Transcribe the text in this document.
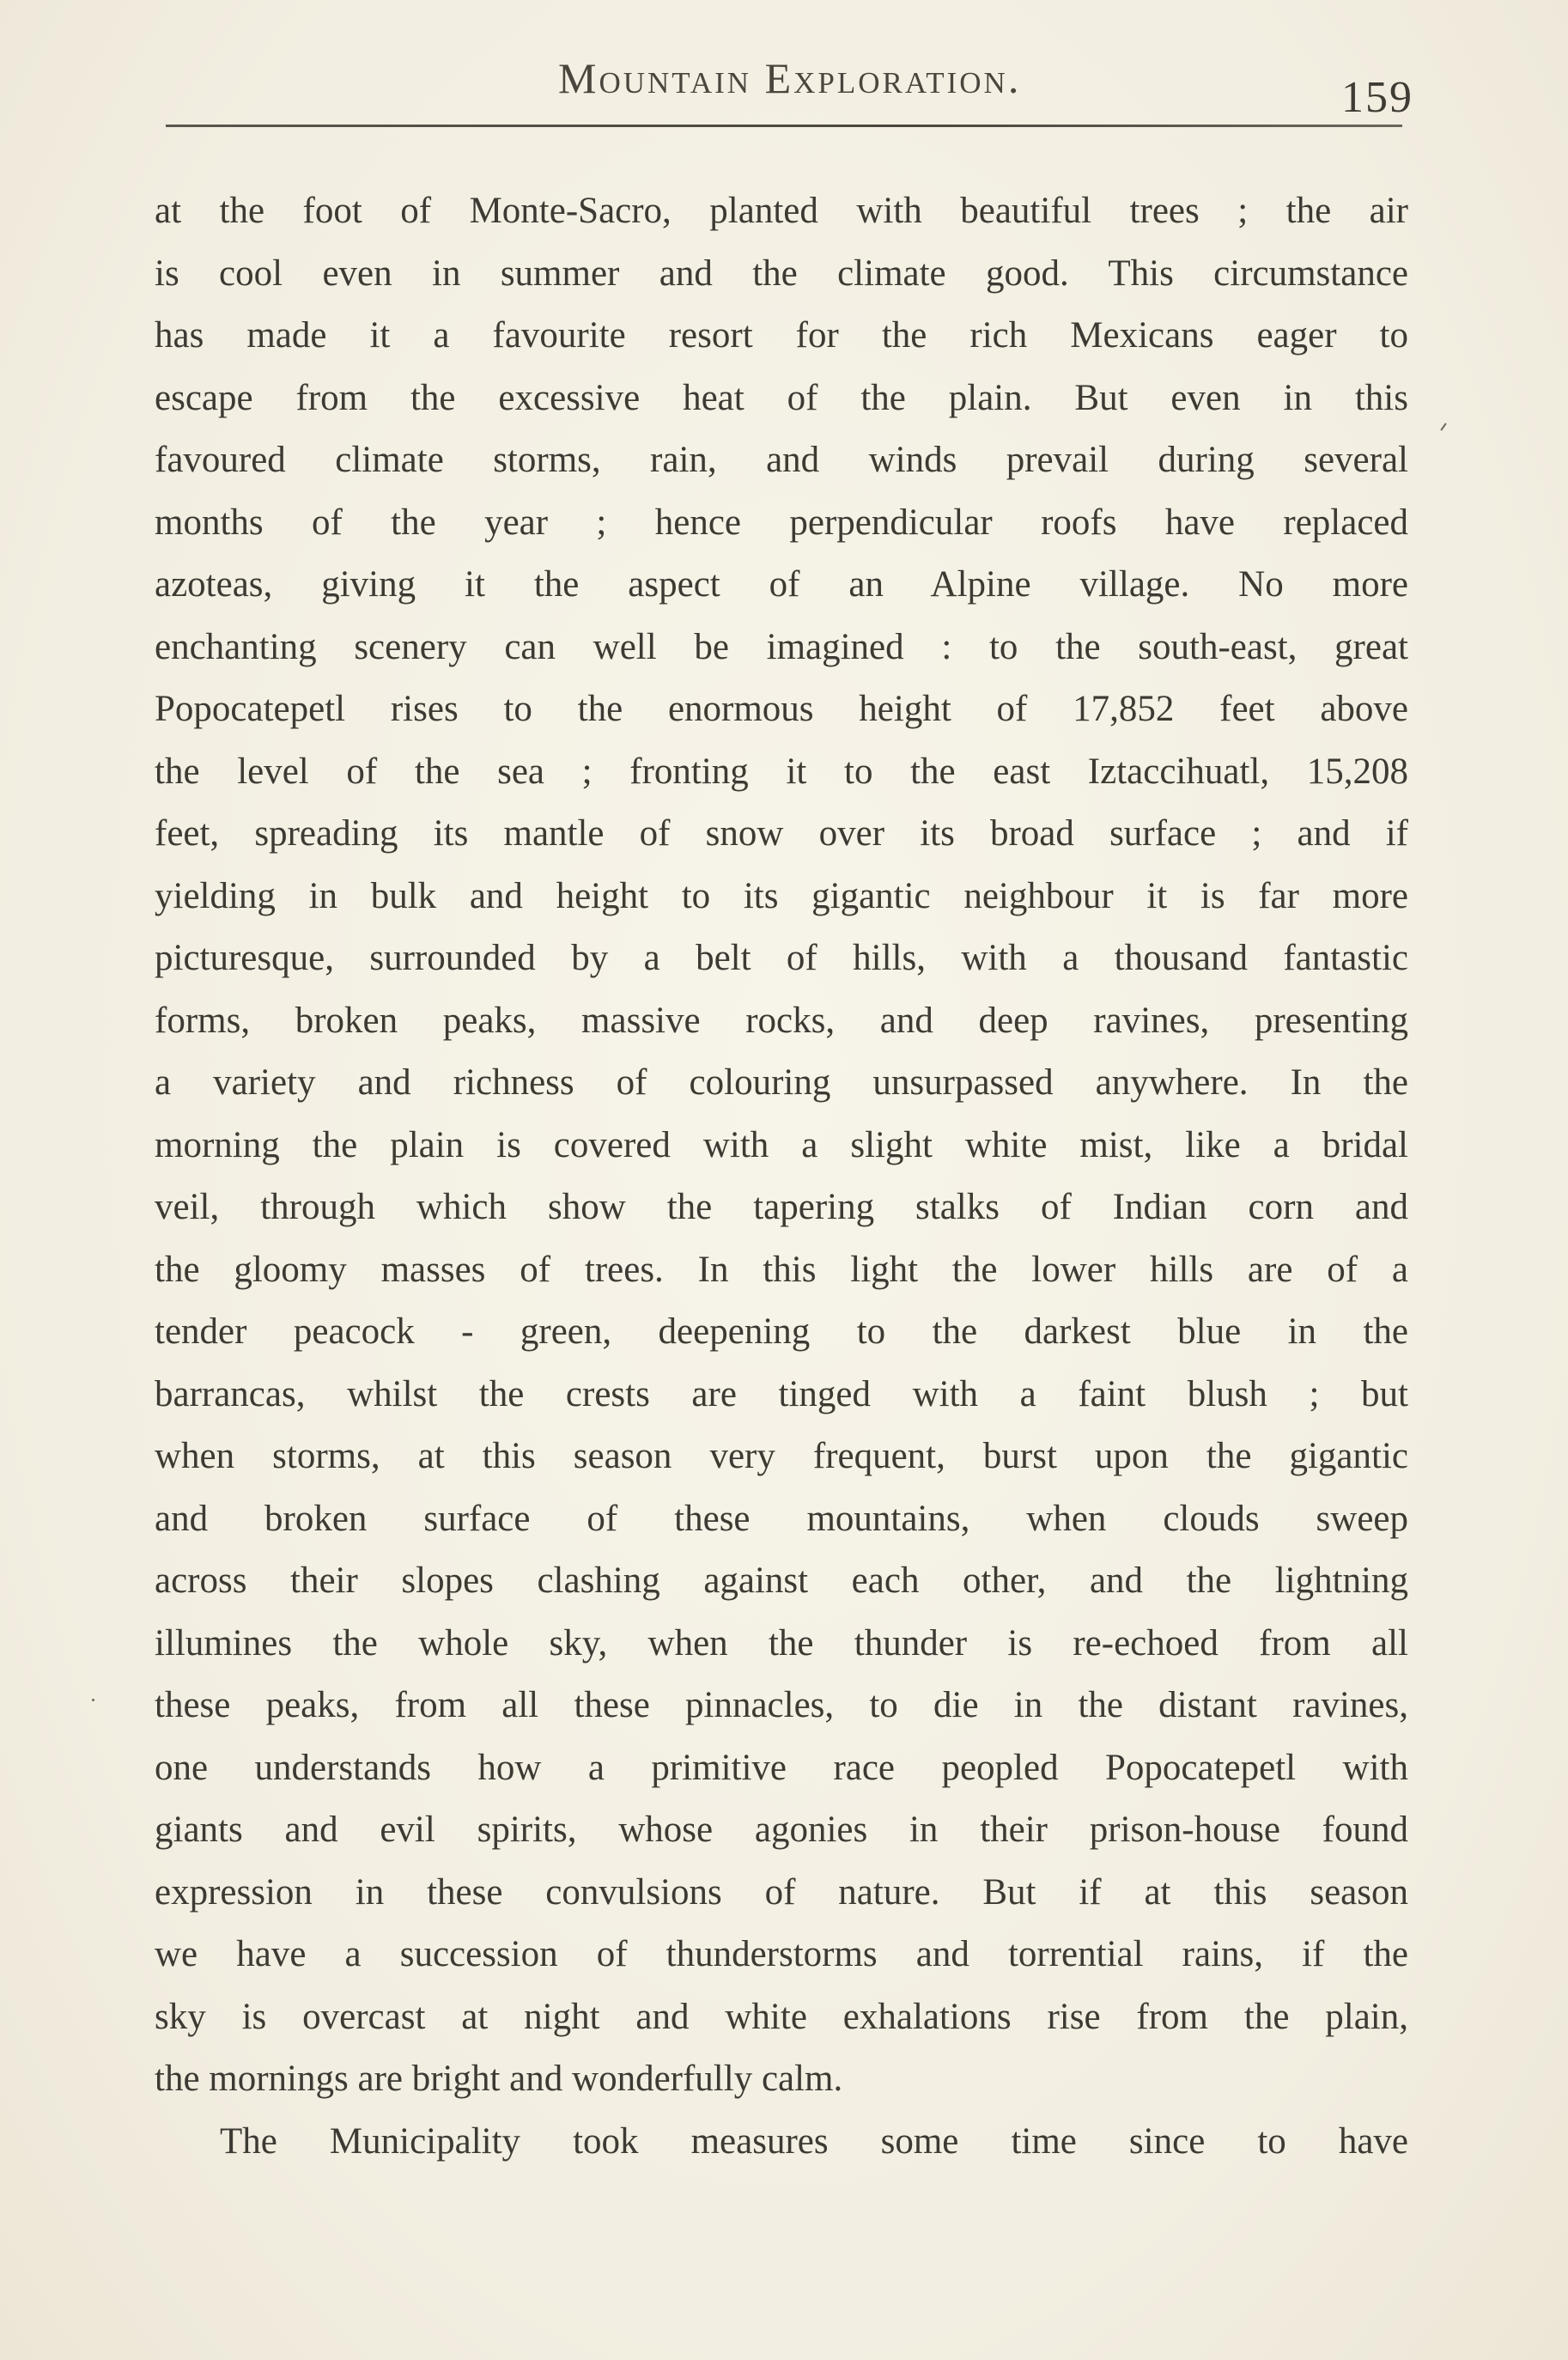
Mountain Exploration.	159
at the foot of Monte-Sacro, planted with beautiful trees ; the air
is cool even in summer and the climate good. This circumstance
has made it a favourite resort for the rich Mexicans eager to
escape from the excessive heat of the plain. But even in this
favoured climate storms, rain, and winds prevail during several
months of the year ; hence perpendicular roofs have replaced
azoteas, giving it the aspect of an Alpine village. No more
enchanting scenery can well be imagined : to the south-east, great
Popocatepetl rises to the enormous height of 17,852 feet above
the level of the sea ; fronting it to the east Iztaccihuatl, 15,208
feet, spreading its mantle of snow over its broad surface ; and if
yielding in bulk and height to its gigantic neighbour it is far more
picturesque, surrounded by a belt of hills, with a thousand fantastic
forms, broken peaks, massive rocks, and deep ravines, presenting
a variety and richness of colouring unsurpassed anywhere. In the
morning the plain is covered with a slight white mist, like a bridal
veil, through which show the tapering stalks of Indian corn and
the gloomy masses of trees. In this light the lower hills are of a
tender peacock - green, deepening to the darkest blue in the
barrancas, whilst the crests are tinged with a faint blush ; but
when storms, at this season very frequent, burst upon the gigantic
and broken surface of these mountains, when clouds sweep
across their slopes clashing against each other, and the lightning
illumines the whole sky, when the thunder is re-echoed from all
these peaks, from all these pinnacles, to die in the distant ravines,
one understands how a primitive race peopled Popocatepetl with
giants and evil spirits, whose agonies in their prison-house found
expression in these convulsions of nature. But if at this season
we have a succession of thunderstorms and torrential rains, if the
sky is overcast at night and white exhalations rise from the plain,
the mornings are bright and wonderfully calm.
The Municipality took measures some time since to have
